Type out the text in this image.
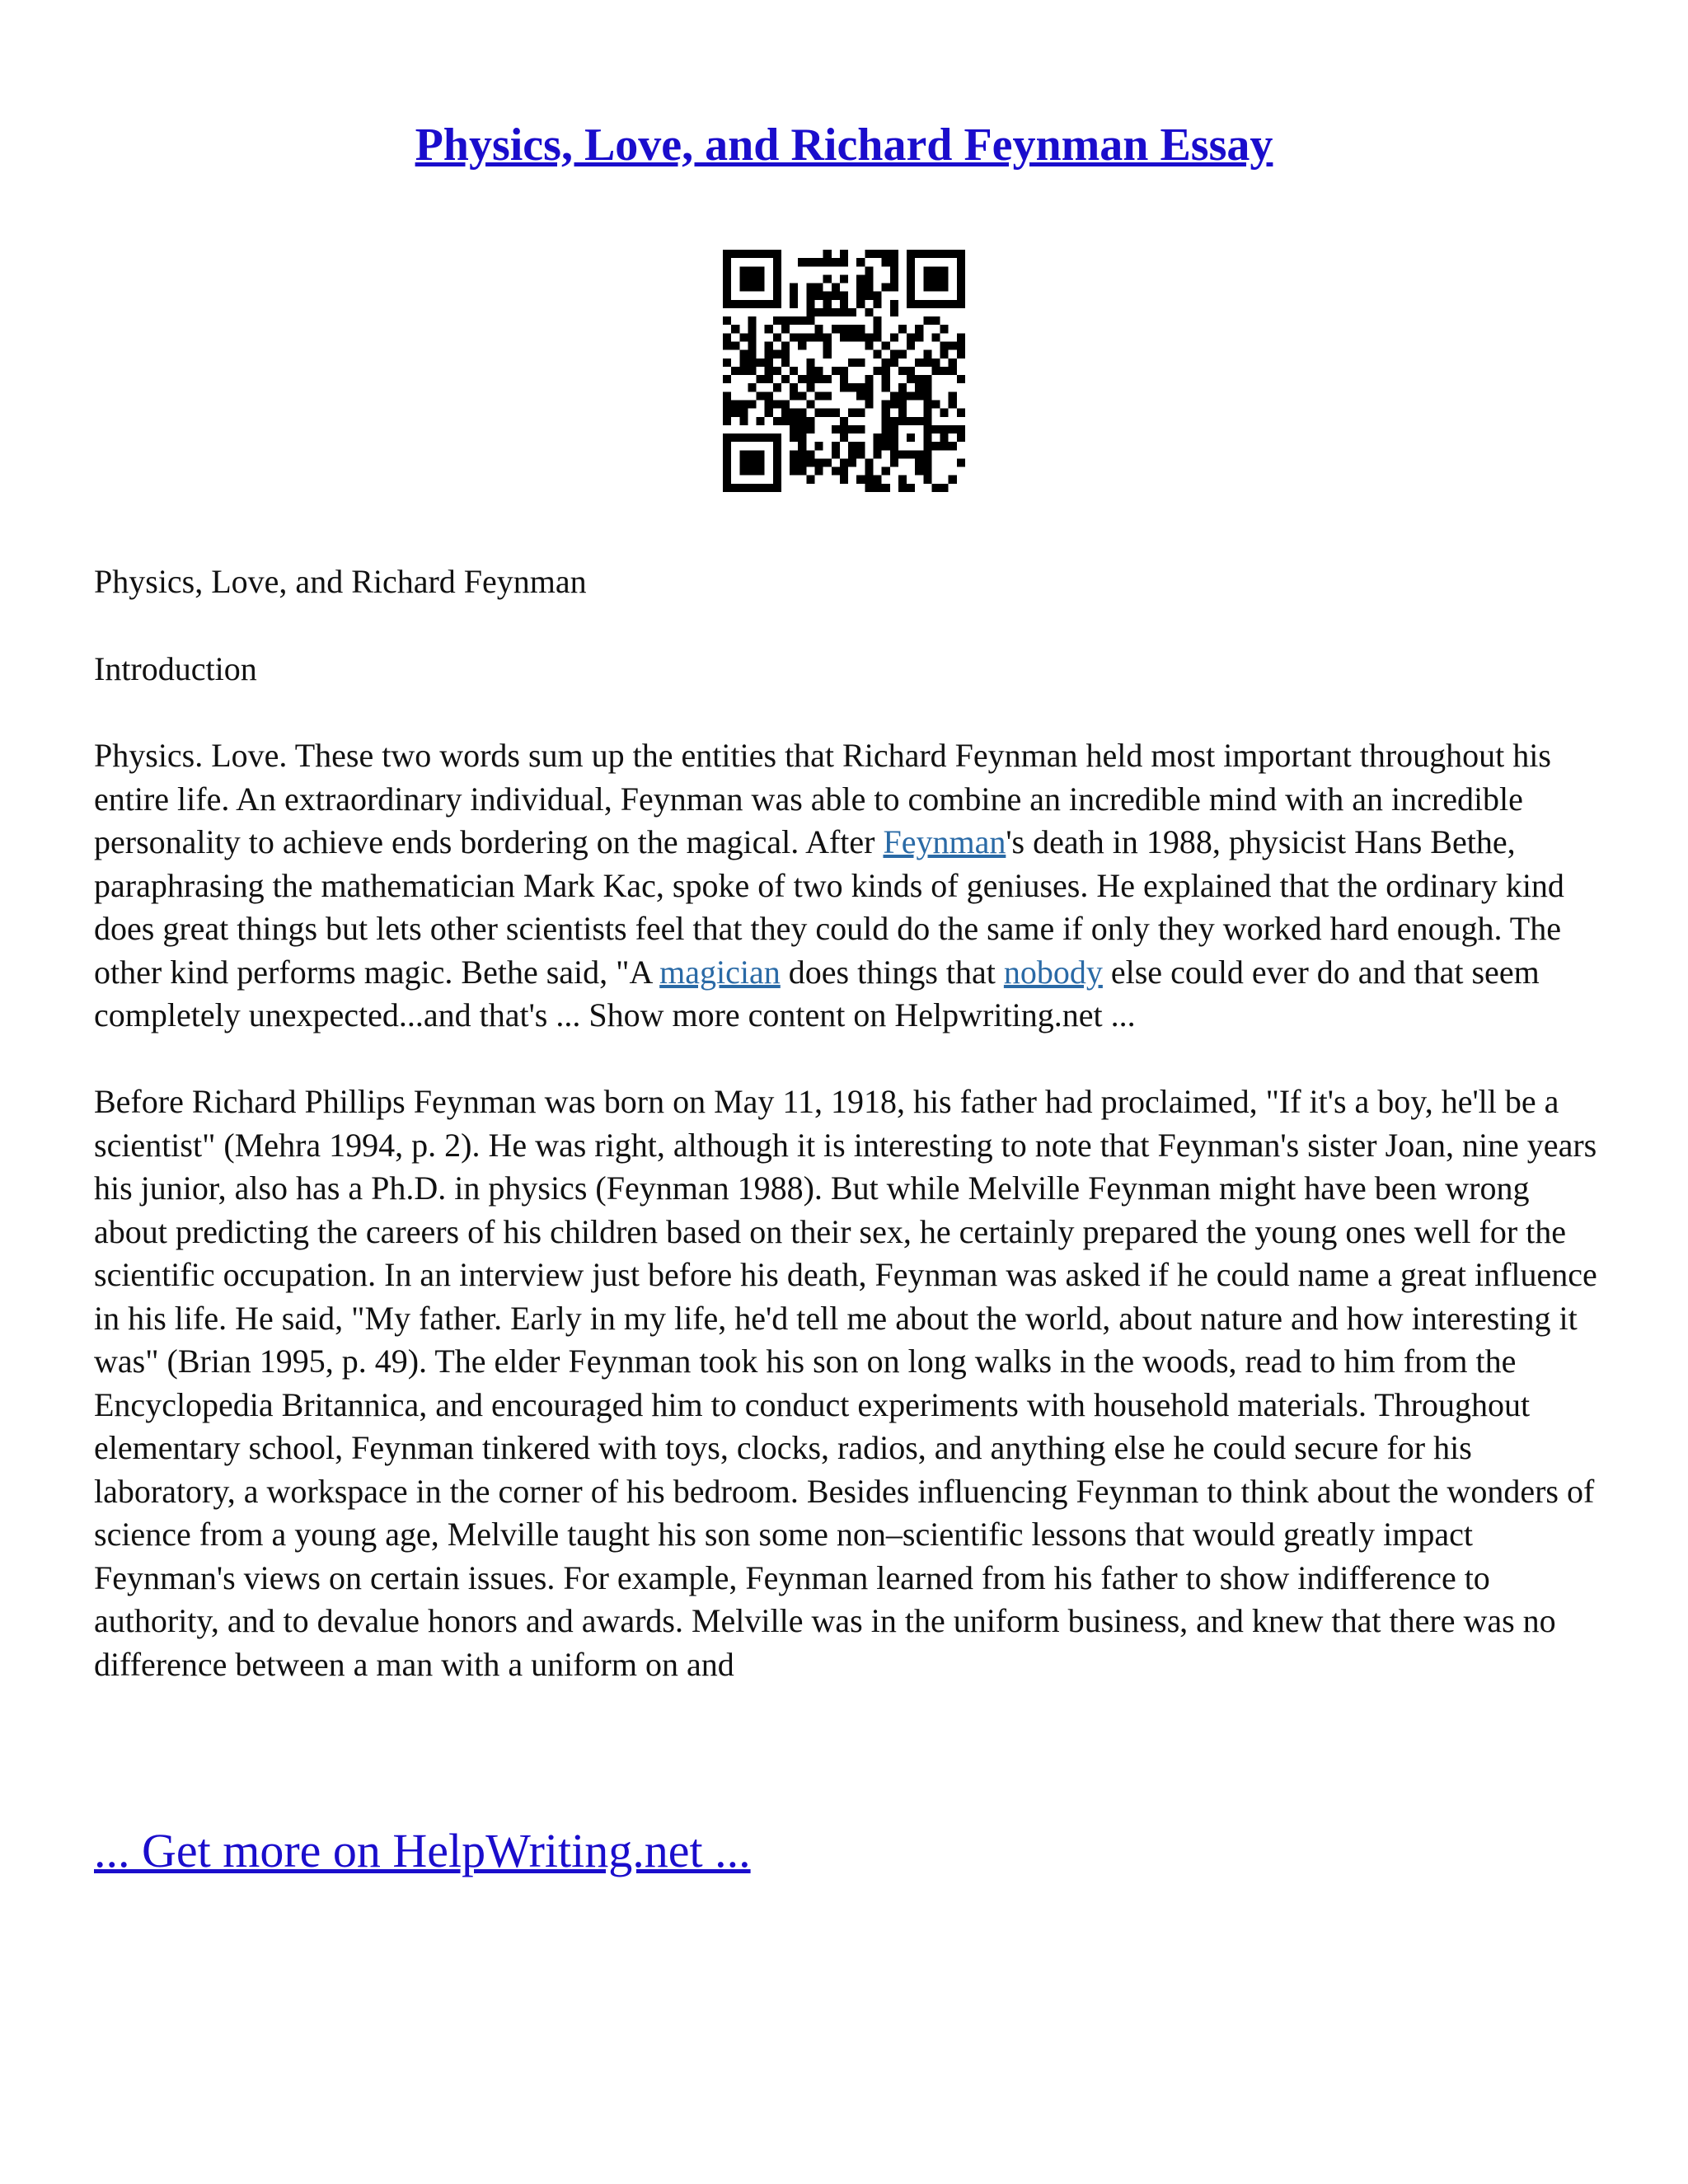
Physics, Love, and Richard Feynman Essay

Physics, Love, and Richard Feynman

Introduction

Physics. Love. These two words sum up the entities that Richard Feynman held most important throughout his entire life. An extraordinary individual, Feynman was able to combine an incredible mind with an incredible personality to achieve ends bordering on the magical. After Feynman's death in 1988, physicist Hans Bethe, paraphrasing the mathematician Mark Kac, spoke of two kinds of geniuses. He explained that the ordinary kind does great things but lets other scientists feel that they could do the same if only they worked hard enough. The other kind performs magic. Bethe said, "A magician does things that nobody else could ever do and that seem completely unexpected...and that's ... Show more content on Helpwriting.net ...

Before Richard Phillips Feynman was born on May 11, 1918, his father had proclaimed, "If it's a boy, he'll be a scientist" (Mehra 1994, p. 2). He was right, although it is interesting to note that Feynman's sister Joan, nine years his junior, also has a Ph.D. in physics (Feynman 1988). But while Melville Feynman might have been wrong about predicting the careers of his children based on their sex, he certainly prepared the young ones well for the scientific occupation. In an interview just before his death, Feynman was asked if he could name a great influence in his life. He said, "My father. Early in my life, he'd tell me about the world, about nature and how interesting it was" (Brian 1995, p. 49). The elder Feynman took his son on long walks in the woods, read to him from the Encyclopedia Britannica, and encouraged him to conduct experiments with household materials. Throughout elementary school, Feynman tinkered with toys, clocks, radios, and anything else he could secure for his laboratory, a workspace in the corner of his bedroom. Besides influencing Feynman to think about the wonders of science from a young age, Melville taught his son some non–scientific lessons that would greatly impact Feynman's views on certain issues. For example, Feynman learned from his father to show indifference to authority, and to devalue honors and awards. Melville was in the uniform business, and knew that there was no difference between a man with a uniform on and

... Get more on HelpWriting.net ...
